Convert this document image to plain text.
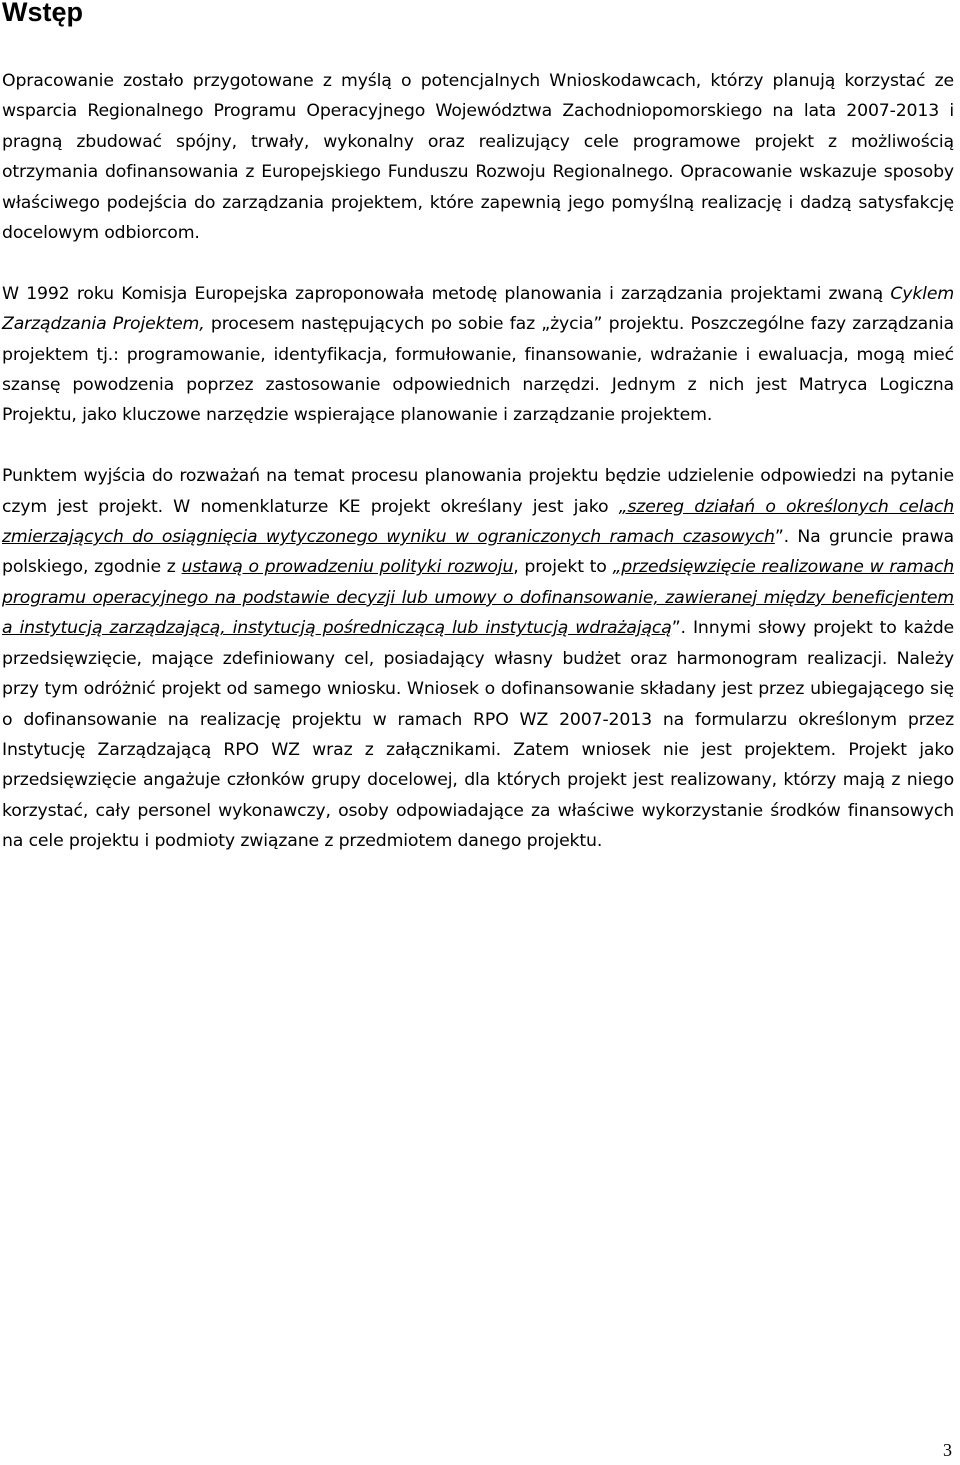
Wstęp

Opracowanie zostało przygotowane z myślą o potencjalnych Wnioskodawcach, którzy planują korzystać ze wsparcia Regionalnego Programu Operacyjnego Województwa Zachodniopomorskiego na lata 2007-2013 i pragną zbudować spójny, trwały, wykonalny oraz realizujący cele programowe projekt z możliwością otrzymania dofinansowania z Europejskiego Funduszu Rozwoju Regionalnego. Opracowanie wskazuje sposoby właściwego podejścia do zarządzania projektem, które zapewnią jego pomyślną realizację i dadzą satysfakcję docelowym odbiorcom.

W 1992 roku Komisja Europejska zaproponowała metodę planowania i zarządzania projektami zwaną Cyklem Zarządzania Projektem, procesem następujących po sobie faz „życia” projektu. Poszczególne fazy zarządzania projektem tj.: programowanie, identyfikacja, formułowanie, finansowanie, wdrażanie i ewaluacja, mogą mieć szansę powodzenia poprzez zastosowanie odpowiednich narzędzi. Jednym z nich jest Matryca Logiczna Projektu, jako kluczowe narzędzie wspierające planowanie i zarządzanie projektem.

Punktem wyjścia do rozważań na temat procesu planowania projektu będzie udzielenie odpowiedzi na pytanie czym jest projekt. W nomenklaturze KE projekt określany jest jako „szereg działań o określonych celach zmierzających do osiągnięcia wytyczonego wyniku w ograniczonych ramach czasowych”. Na gruncie prawa polskiego, zgodnie z ustawą o prowadzeniu polityki rozwoju, projekt to „przedsięwzięcie realizowane w ramach programu operacyjnego na podstawie decyzji lub umowy o dofinansowanie, zawieranej między beneficjentem a instytucją zarządzającą, instytucją pośredniczącą lub instytucją wdrażającą”. Innymi słowy projekt to każde przedsięwzięcie, mające zdefiniowany cel, posiadający własny budżet oraz harmonogram realizacji. Należy przy tym odróżnić projekt od samego wniosku. Wniosek o dofinansowanie składany jest przez ubiegającego się o dofinansowanie na realizację projektu w ramach RPO WZ 2007-2013 na formularzu określonym przez Instytucję Zarządzającą RPO WZ wraz z załącznikami. Zatem wniosek nie jest projektem. Projekt jako przedsięwzięcie angażuje członków grupy docelowej, dla których projekt jest realizowany, którzy mają z niego korzystać, cały personel wykonawczy, osoby odpowiadające za właściwe wykorzystanie środków finansowych na cele projektu i podmioty związane z przedmiotem danego projektu.

3
